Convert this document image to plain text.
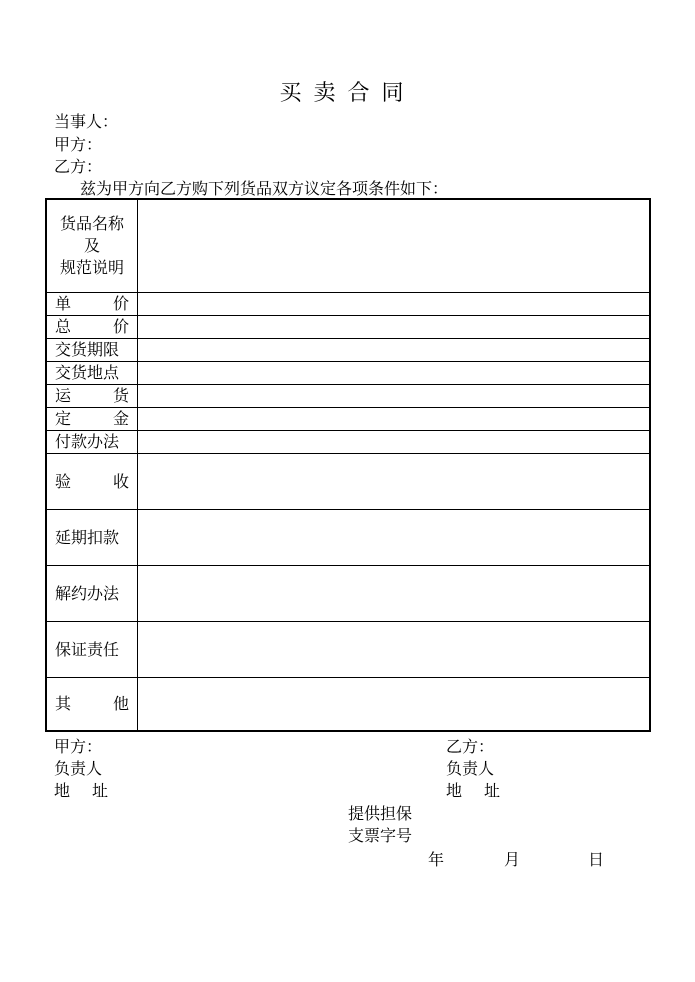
买卖合同
当事人：
甲方：
乙方：
兹为甲方向乙方购下列货品双方议定各项条件如下：
货品名称
及
规范说明
单	价
总	价
交货期限
交货地点
运	货
定	金
付款办法
验	收
延期扣款
解约办法
保证责任
其	他
甲方：
负责人
地 址
乙方：
负责人
地 址
提供担保
支票字号
年	月	日
